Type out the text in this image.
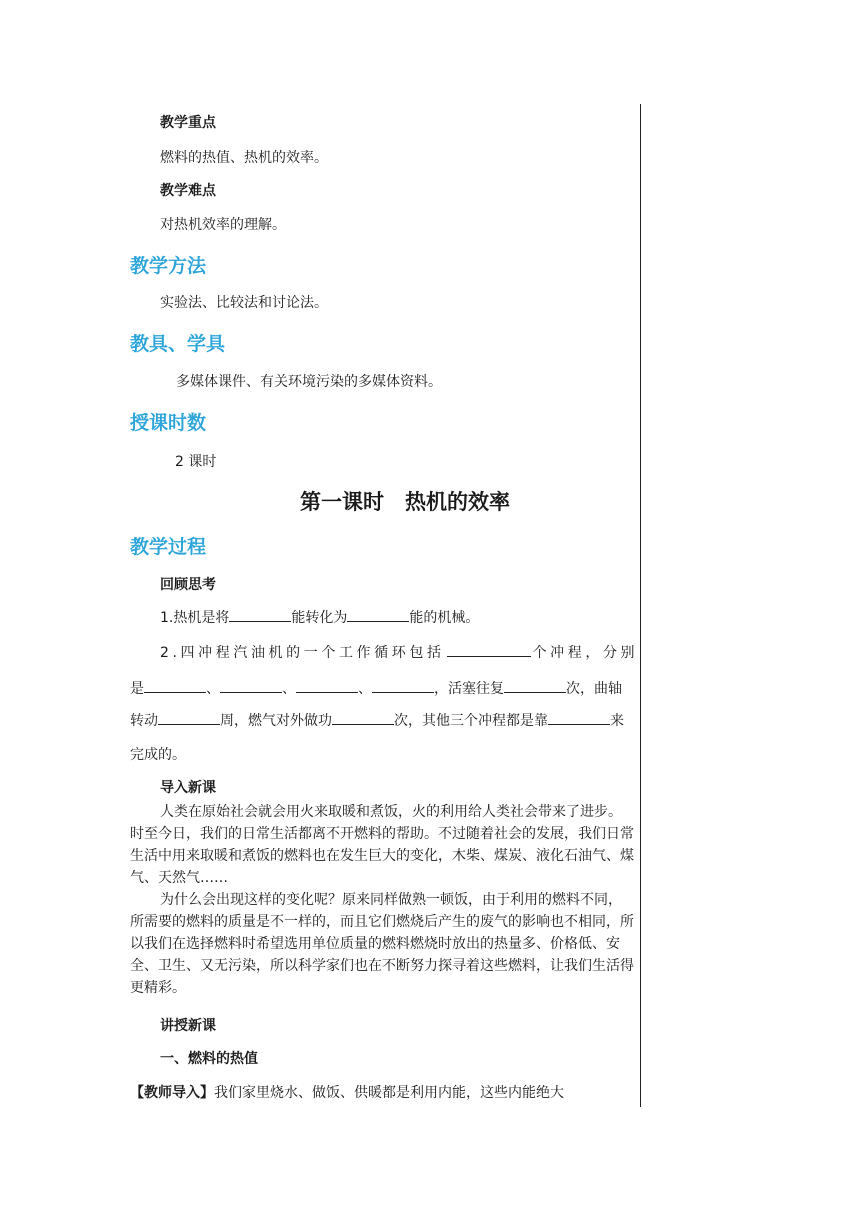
教学重点
燃料的热值、热机的效率。
教学难点
对热机效率的理解。
教学方法
实验法、比较法和讨论法。
教具、学具
多媒体课件、有关环境污染的多媒体资料。
授课时数
2 课时
第一课时　热机的效率
教学过程
回顾思考
1.热机是将	能转化为	能的机械。
2.四冲程汽油机的一个工作循环包括	个冲程，分别
是	、	、	、	，活塞往复	次，曲轴
转动	周，燃气对外做功	次，其他三个冲程都是靠	来
完成的。
导入新课
人类在原始社会就会用火来取暖和煮饭，火的利用给人类社会带来了进步。时至今日，我们的日常生活都离不开燃料的帮助。不过随着社会的发展，我们日常生活中用来取暖和煮饭的燃料也在发生巨大的变化，木柴、煤炭、液化石油气、煤气、天然气……
为什么会出现这样的变化呢？原来同样做熟一顿饭，由于利用的燃料不同，所需要的燃料的质量是不一样的，而且它们燃烧后产生的废气的影响也不相同，所以我们在选择燃料时希望选用单位质量的燃料燃烧时放出的热量多、价格低、安全、卫生、又无污染，所以科学家们也在不断努力探寻着这些燃料，让我们生活得更精彩。
讲授新课
一、燃料的热值
【教师导入】我们家里烧水、做饭、供暖都是利用内能，这些内能绝大
